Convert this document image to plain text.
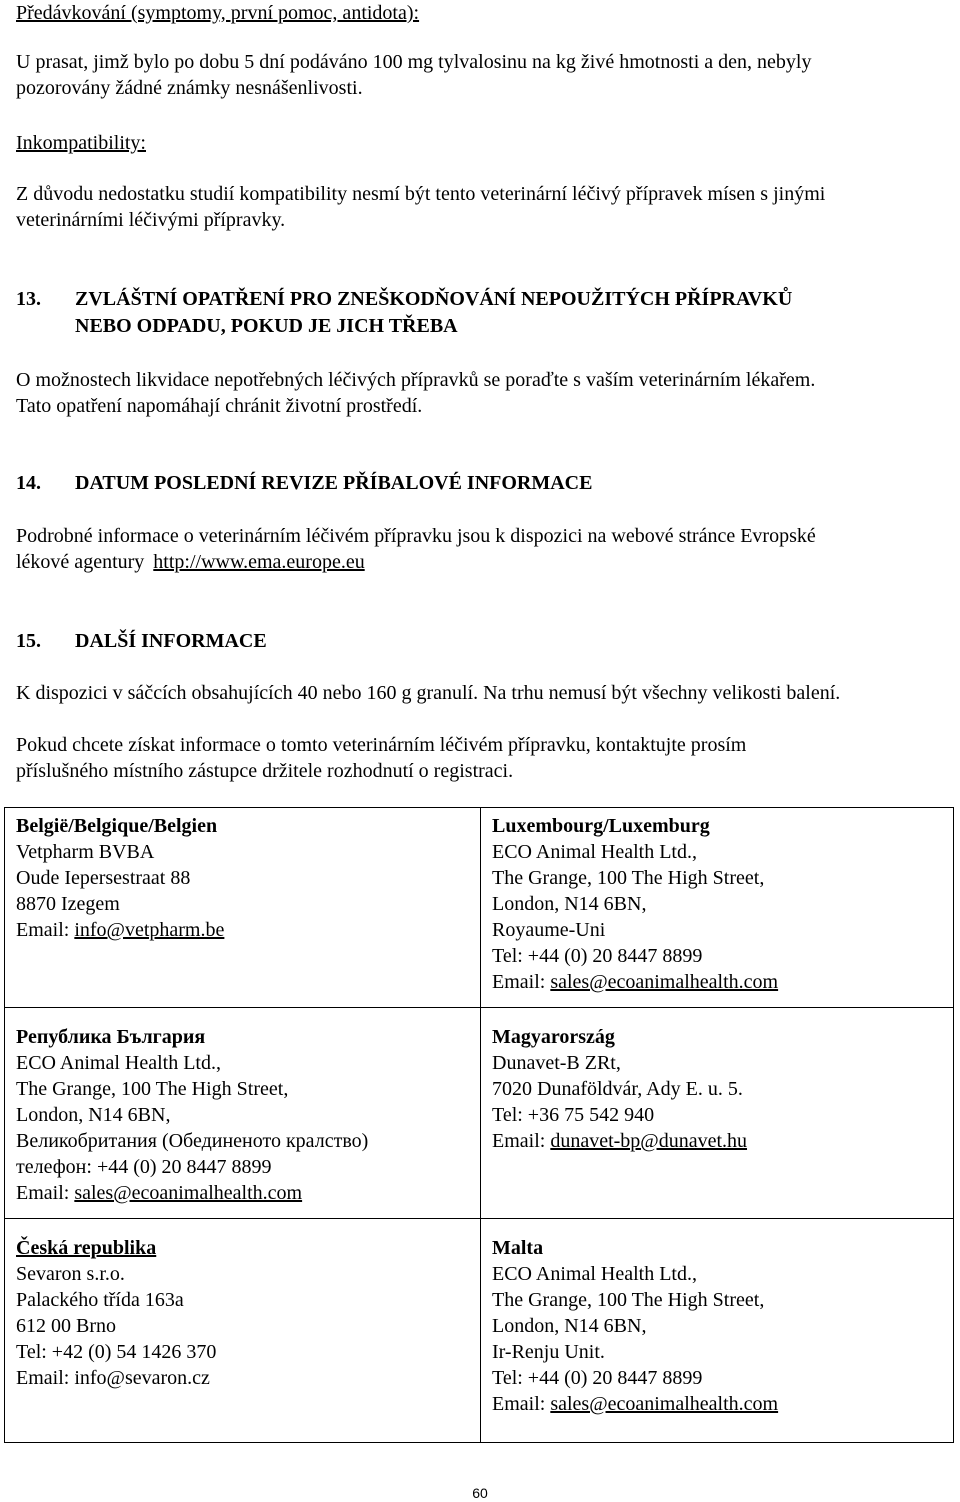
Předávkování (symptomy, první pomoc, antidota):

U prasat, jimž bylo po dobu 5 dní podáváno 100 mg tylvalosinu na kg živé hmotnosti a den, nebyly

pozorovány žádné známky nesnášenlivosti.

Inkompatibility:

Z důvodu nedostatku studií kompatibility nesmí být tento veterinární léčivý přípravek mísen s jinými

veterinárními léčivými přípravky.

13. ZVLÁŠTNÍ OPATŘENÍ PRO ZNEŠKODŇOVÁNÍ NEPOUŽITÝCH PŘÍPRAVKŮ
NEBO ODPADU, POKUD JE JICH TŘEBA

O možnostech likvidace nepotřebných léčivých přípravků se poraďte s vaším veterinárním lékařem.

Tato opatření napomáhají chránit životní prostředí.

14. DATUM POSLEDNÍ REVIZE PŘÍBALOVÉ INFORMACE

Podrobné informace o veterinárním léčivém přípravku jsou k dispozici na webové stránce Evropské

lékové agentury http://www.ema.europe.eu

15. DALŠÍ INFORMACE

K dispozici v sáčcích obsahujících 40 nebo 160 g granulí. Na trhu nemusí být všechny velikosti balení.

Pokud chcete získat informace o tomto veterinárním léčivém přípravku, kontaktujte prosím

příslušného místního zástupce držitele rozhodnutí o registraci.

België/Belgique/Belgien
Vetpharm BVBA
Oude Iepersestraat 88
8870 Izegem
Email: info@vetpharm.be
Luxembourg/Luxemburg
ECO Animal Health Ltd.,
The Grange, 100 The High Street,
London, N14 6BN,
Royaume-Uni
Tel: +44 (0) 20 8447 8899
Email: sales@ecoanimalhealth.com
Република България
ECO Animal Health Ltd.,
The Grange, 100 The High Street,
London, N14 6BN,
Великобритания (Обединеното кралство)
телефон: +44 (0) 20 8447 8899
Email: sales@ecoanimalhealth.com
Magyarország
Dunavet-B ZRt,
7020 Dunaföldvár, Ady E. u. 5.
Tel: +36 75 542 940
Email: dunavet-bp@dunavet.hu
Česká republika
Sevaron s.r.o.
Palackého třída 163a
612 00 Brno
Tel: +42 (0) 54 1426 370
Email: info@sevaron.cz
Malta
ECO Animal Health Ltd.,
The Grange, 100 The High Street,
London, N14 6BN,
Ir-Renju Unit.
Tel: +44 (0) 20 8447 8899
Email: sales@ecoanimalhealth.com
60
